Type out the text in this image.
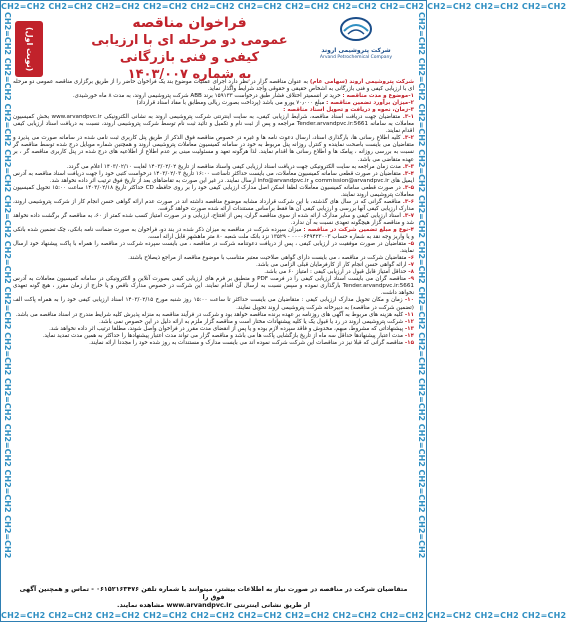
CH2=CH2 CH2=CH2 CH2=CH2 CH2=CH2 CH2=CH2 CH2=CH2 CH2=CH2 CH2=CH2 CH2=CH2 CH2=CH2 CH2=CH2 CH2=CH2
CH2=CH2 CH2=CH2 CH2=CH2 CH2=CH2 CH2=CH2 CH2=CH2 CH2=CH2 CH2=CH2 CH2=CH2 CH2=CH2 CH2=CH2 CH2=CH2	CH2=CH2 CH2=CH2 CH2=CH2 CH2=CH2 CH2=CH2 CH2=CH2 CH2=CH2 CH2=CH2 CH2=CH2 CH2=CH2 CH2=CH2 CH2=CH2
CH2=CH2 CH2=CH2 CH2=CH2 CH2=CH2 CH2=CH2 CH2=CH2 CH2=CH2 CH2=CH2 CH2=CH2 CH2=CH2 CH2=CH2 CH2=CH2
(نوبت اول)
فراخوان مناقصه
عمومی دو مرحله ای با ارزیابی کیفی و فنی بازرگانی
به شماره ۱۴۰۳/۰۰۷
شرکت پتروشیمی اروند
Arvand Petrochemical Company

شرکت پتروشیمی اروند (سهامی عام) به عنوان مناقصه گزار در نظر دارد اجرای عملیات موضوع بند یک فراخوان حاضر را از طریق برگزاری مناقصه عمومی دو مرحله ای با ارزیابی کیفی و فنی بازرگانی به اشخاص حقیقی و حقوقی واجد شرایط واگذار نماید.

۱-موضوع و مدت مناقصه : خرید تر انسمیتر اختلاف فشار طبق درخواست ۱۵۹۱۳۳ برند ABB شرکت پتروشیمی اروند، به مدت ۸ ماه خورشیدی.

۲-میزان برآورد تضمین مناقصه : مبلغ ۷۰٫۰۰۰ یورو می باشد (پرداخت بصورت ریالی ومطابق با مفاد اسناد قرارداد)

۳-زمان، نحوه و دریافت و تحویل اسناد مناقصه :

۳-۱. متقاضیان جهت دریافت اسناد مناقصه، شرایط ارزیابی کیفی، به سایت اینترنتی شرکت پتروشیمی اروند به نشانی الکترونیکی www.arvandpvc.ir بخش کمیسیون معاملات به سامانه Tender.arvandpvc.ir:5661 مراجعه و پس از ثبت نام و تکمیل و تائید ثبت نام توسط شرکت پتروشیمی اروند، نسبت به دریافت اسناد ارزیابی کیفی اقدام نمایند.

۳-۲. کلیه اطلاع رسانی ها، بارگذاری اسناد، ارسال دعوت نامه ها و غیره در خصوص مناقصه فوق الذکر از طریق پنل کاربری ثبت نامی شده در سامانه صورت می پذیرد و متقاضیان می بایست باصحت نماینده و کنترل روزانه پنل مربوط به خود در سامانه کمیسیون معاملات پتروشیمی اروند و همچنین شماره موبایل درج شده توسط مناقصه گر نسبت به بررسی روزانه ، پیامک ها و اطلاع رسانی ها اقدام نمایند. لذا هرگونه تعهد و مسئولیت مبنی بر عدم اطلاع از اطلاعیه های درج شده در پنل کاربری مناقصه گر ، بر عهده متقاضی می باشد.

۳-۳. مدت زمان مراجعه به سایت الکترونیکی جهت دریافت اسناد ارزیابی کیفی واسناد مناقصه از تاریخ ۱۴۰۳/۰۲/۰۲ لغایت ۱۴۰۳/۰۲/۱۰ اعلام می گردد.

۳-۴. متقاضیان در صورت قطعی سامانه کمیسیون معاملات، می بایست حداکثر تاساعت ۱۶:۰۰ تاریخ ۱۴۰۳/۰۲/۰۳ درخواست کتبی خود را جهت دریافت اسناد مناقصه به آدرس ایمیل های commission@arvandpvc.ir و info@arvandpvc.ir ارسال نمایند. در غیر این صورت به تقاضاهای بعد از تاریخ فوق ترتیب اثر داده نخواهد شد.

۳-۵. در صورت قطعی سامانه کمیسیون معاملات لطفا اسکن اصل مدارک ارزیابی کیفی خود را بر روی حافظه CD حداکثر تاریخ ۱۴۰۳/۰۲/۱۸ ساعت ۱۵:۰۰ تحویل کمیسیون معاملات پتروشیمی اروند نمایند.

۳-۶. مناقصه گرانی که در سال های گذشته، با این شرکت قرارداد مشابه موضوع مناقصه داشته اند در صورت عدم ارائه گواهی حسن انجام کار از شرکت پتروشیمی اروند، مدارک ارزیابی کیفی آنها بررسی و ارزیابی کیفی آن ها فقط براساس مستندات ارائه شده صورت خواهد گرفت.

۳-۷. اسناد ارزیابی کیفی و سایر مدارک ارائه شده از سوی مناقصه گران، پس از افتتاح، ارزیابی و در صورت امتیاز کسب شده کمتر از ۶۰، به مناقصه گر برگشت داده نخواهد شد و مناقصه گزار هیچگونه تعهدی نسبت به آن ندارد.

۴-نوع و مبلغ تضمین شرکت در مناقصه : میزان سپرده شرکت در مناقصه به میزان ذکر شده در بند دو، فراخوان به صورت ضمانت نامه بانکی، چک تضمین شده بانکی و یا واریز وجه نقد به شماره حساب ۰۰۰۰۶۴۹۴۲۳۰۰۳ - ۱۳۵۲۹ نزد بانک ملت شعبه ۸۰ متر ماهشهر قابل ارائه است.

۵- متقاضیان در صورت موفقیت در ارزیابی کیفی ، پس از دریافت دعوتنامه شرکت در مناقصه ، می بایست سپرده شرکت در مناقصه را همراه با پاکت پیشنهاد خود ارسال نمایند.

۶- متقاضیان شرکت در مناقصه ، می بایست دارای گواهی صلاحیت معتبر متناسب با موضوع مناقصه از مراجع ذیصلاح باشند.

۷- ارائه گواهی حسن انجام کار از کارفرمایان قبلی الزامی می باشد.

۸- حداقل امتیاز قابل قبول در ارزیابی کیفی : امتیاز ۶۰ می باشد.

۹- مناقصه گران می بایست اسناد ارزیابی کیفی را در فرمت PDF و منطبق بر فرم های ارزیابی کیفی بصورت آنلاین و الکترونیکی در سامانه کمیسیون معاملات به آدرس Tender.arvandpvc.ir:5661 بارگذاری نموده و سپس نسبت به ارسال آن اقدام نمایند. این شرکت در خصوص مدارک ناقص و یا خارج از زمان مقرر ، هیچ گونه تعهدی نخواهد داشت.

۱۰- زمان و مکان تحویل مدارک ارزیابی کیفی : متقاضیان می بایست حداکثر تا ساعت ۱۵:۰۰ روز شنبه مورخ ۱۴۰۳/۰۲/۱۵ اسناد ارزیابی کیفی خود را به همراه پاکت الف (تضمین شرکت در مناقصه) به دبیرخانه شرکت پتروشیمی اروند تحویل نمایند.

۱۱- کلیه هزینه های مربوط به آگهی های روزنامه بر عهده برنده مناقصه خواهد بود و شرکت در فرآیند مناقصه به منزله پذیرش کلیه شرایط مندرج در اسناد مناقصه می باشد.

۱۲- شرکت پتروشیمی اروند در رد یا قبول یک یا کلیه پیشنهادات مختار است و مناقصه گزار ملزم به ارائه دلیل در این خصوص نمی باشد.

۱۳- پیشنهاداتی که مشروط، مبهم، مخدوش و فاقد سپرده لازم بوده و یا پس از انقضای مدت مقرر در فراخوان واصل شوند، مطلقا ترتیب اثر داده نخواهد شد.

۱۴- مدت اعتبار پیشنهادها حداقل سه ماه از تاریخ بازگشایی پاکت ها می باشد و مناقصه گزار می تواند مدت اعتبار پیشنهادها را حداکثر به همین مدت تمدید نماید.

۱۵- مناقصه گرانی که قبلا نیز در مناقصات این شرکت شرکت نموده اند می بایست مدارک و مستندات به روز شده خود را مجددا ارائه نمایند.

متقاضیان شرکت در مناقصه در صورت نیاز به اطلاعات بیشتر، میتوانند با شماره تلفن ۰۶۱۵۲۱۶۳۴۷۶ - تماس و همچنین آگهی فوق را
از طریق نشانی اینترنتی www.arvandpvc.ir مشاهده نمایند.
